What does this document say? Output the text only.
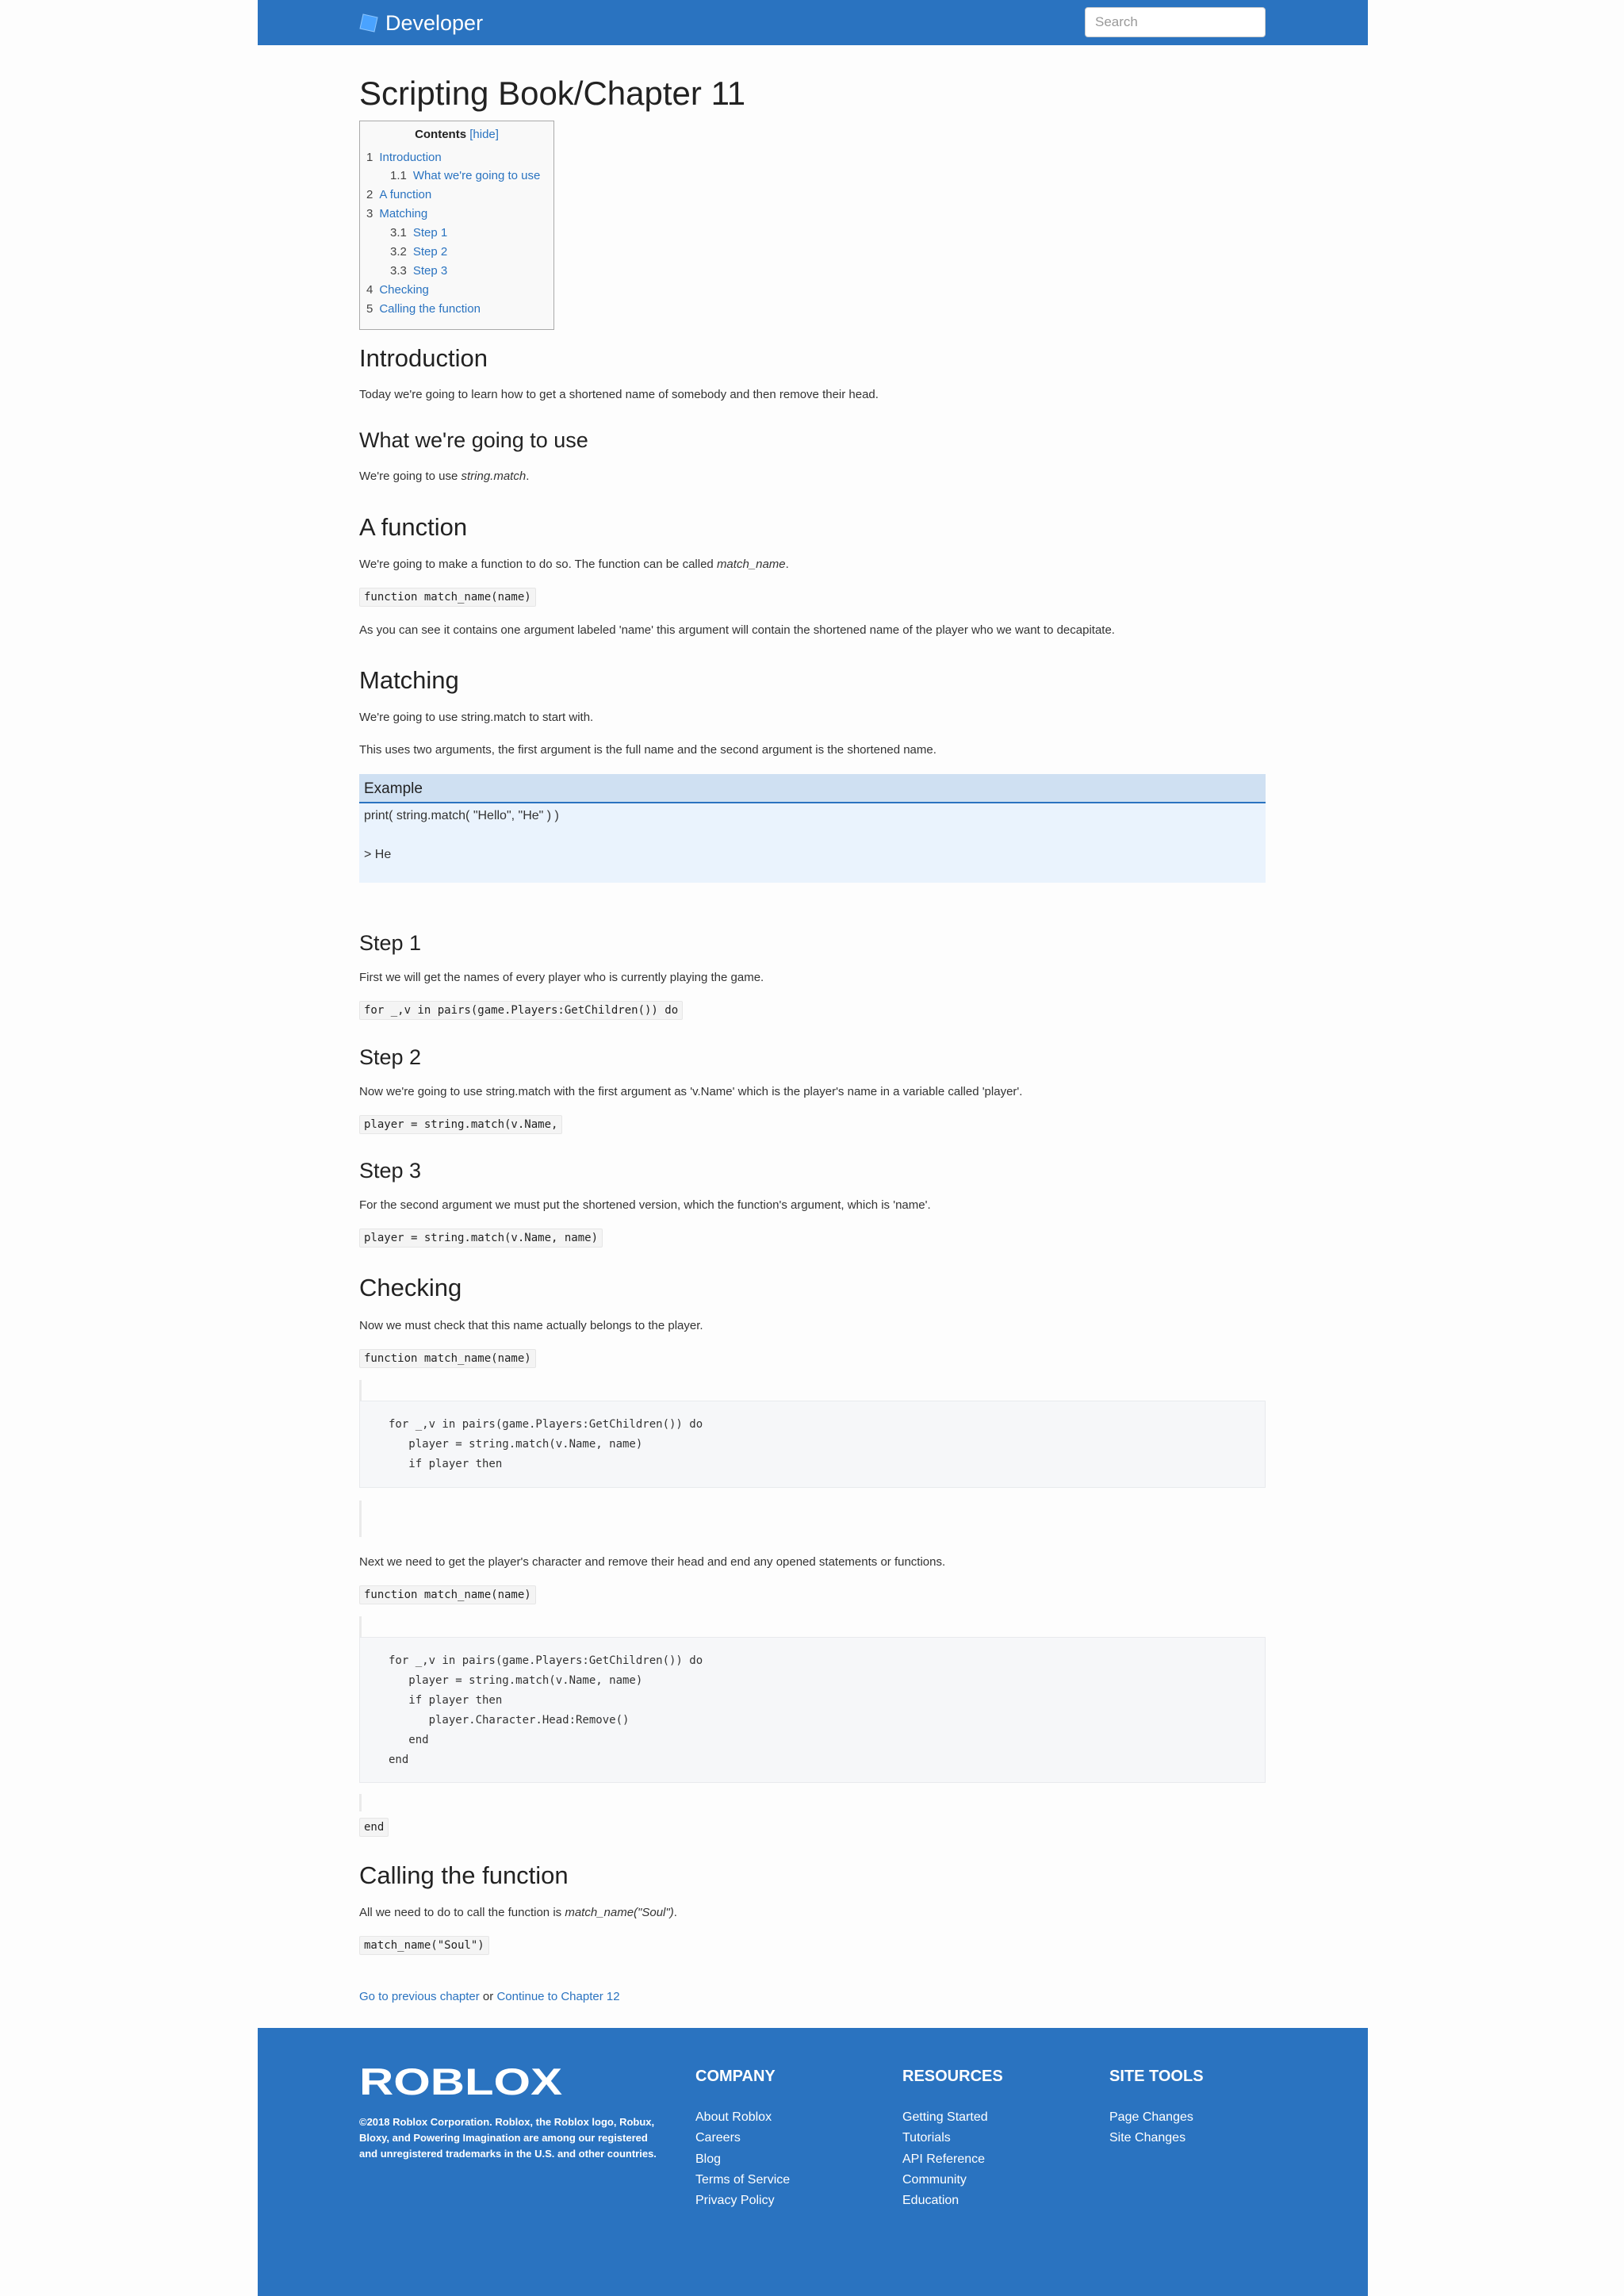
Developer
Search
Scripting Book/Chapter 11
Contents [hide]
1 Introduction
1.1 What we're going to use
2 A function
3 Matching
3.1 Step 1
3.2 Step 2
3.3 Step 3
4 Checking
5 Calling the function
Introduction

Today we're going to learn how to get a shortened name of somebody and then remove their head.

What we're going to use

We're going to use string.match.

A function

We're going to make a function to do so. The function can be called match_name.

function match_name(name)

As you can see it contains one argument labeled 'name' this argument will contain the shortened name of the player who we want to decapitate.

Matching

We're going to use string.match to start with.

This uses two arguments, the first argument is the full name and the second argument is the shortened name.

Example
print( string.match( "Hello", "He" ) )
> He
Step 1

First we will get the names of every player who is currently playing the game.

for _,v in pairs(game.Players:GetChildren()) do
Step 2

Now we're going to use string.match with the first argument as 'v.Name' which is the player's name in a variable called 'player'.

player = string.match(v.Name,
Step 3

For the second argument we must put the shortened version, which the function's argument, which is 'name'.

player = string.match(v.Name, name)
Checking

Now we must check that this name actually belongs to the player.

function match_name(name)
for _,v in pairs(game.Players:GetChildren()) do
player = string.match(v.Name, name)
if player then

Next we need to get the player's character and remove their head and end any opened statements or functions.

function match_name(name)
for _,v in pairs(game.Players:GetChildren()) do
player = string.match(v.Name, name)
if player then
player.Character.Head:Remove()
end
end
end
Calling the function

All we need to do to call the function is match_name("Soul").

match_name("Soul")

Go to previous chapter or Continue to Chapter 12

ROBLOX
©2018 Roblox Corporation. Roblox, the Roblox logo, Robux, Bloxy, and Powering Imagination are among our registered and unregistered trademarks in the U.S. and other countries.
COMPANY
About Roblox
Careers
Blog
Terms of Service
Privacy Policy
RESOURCES
Getting Started
Tutorials
API Reference
Community
Education
SITE TOOLS
Page Changes
Site Changes
